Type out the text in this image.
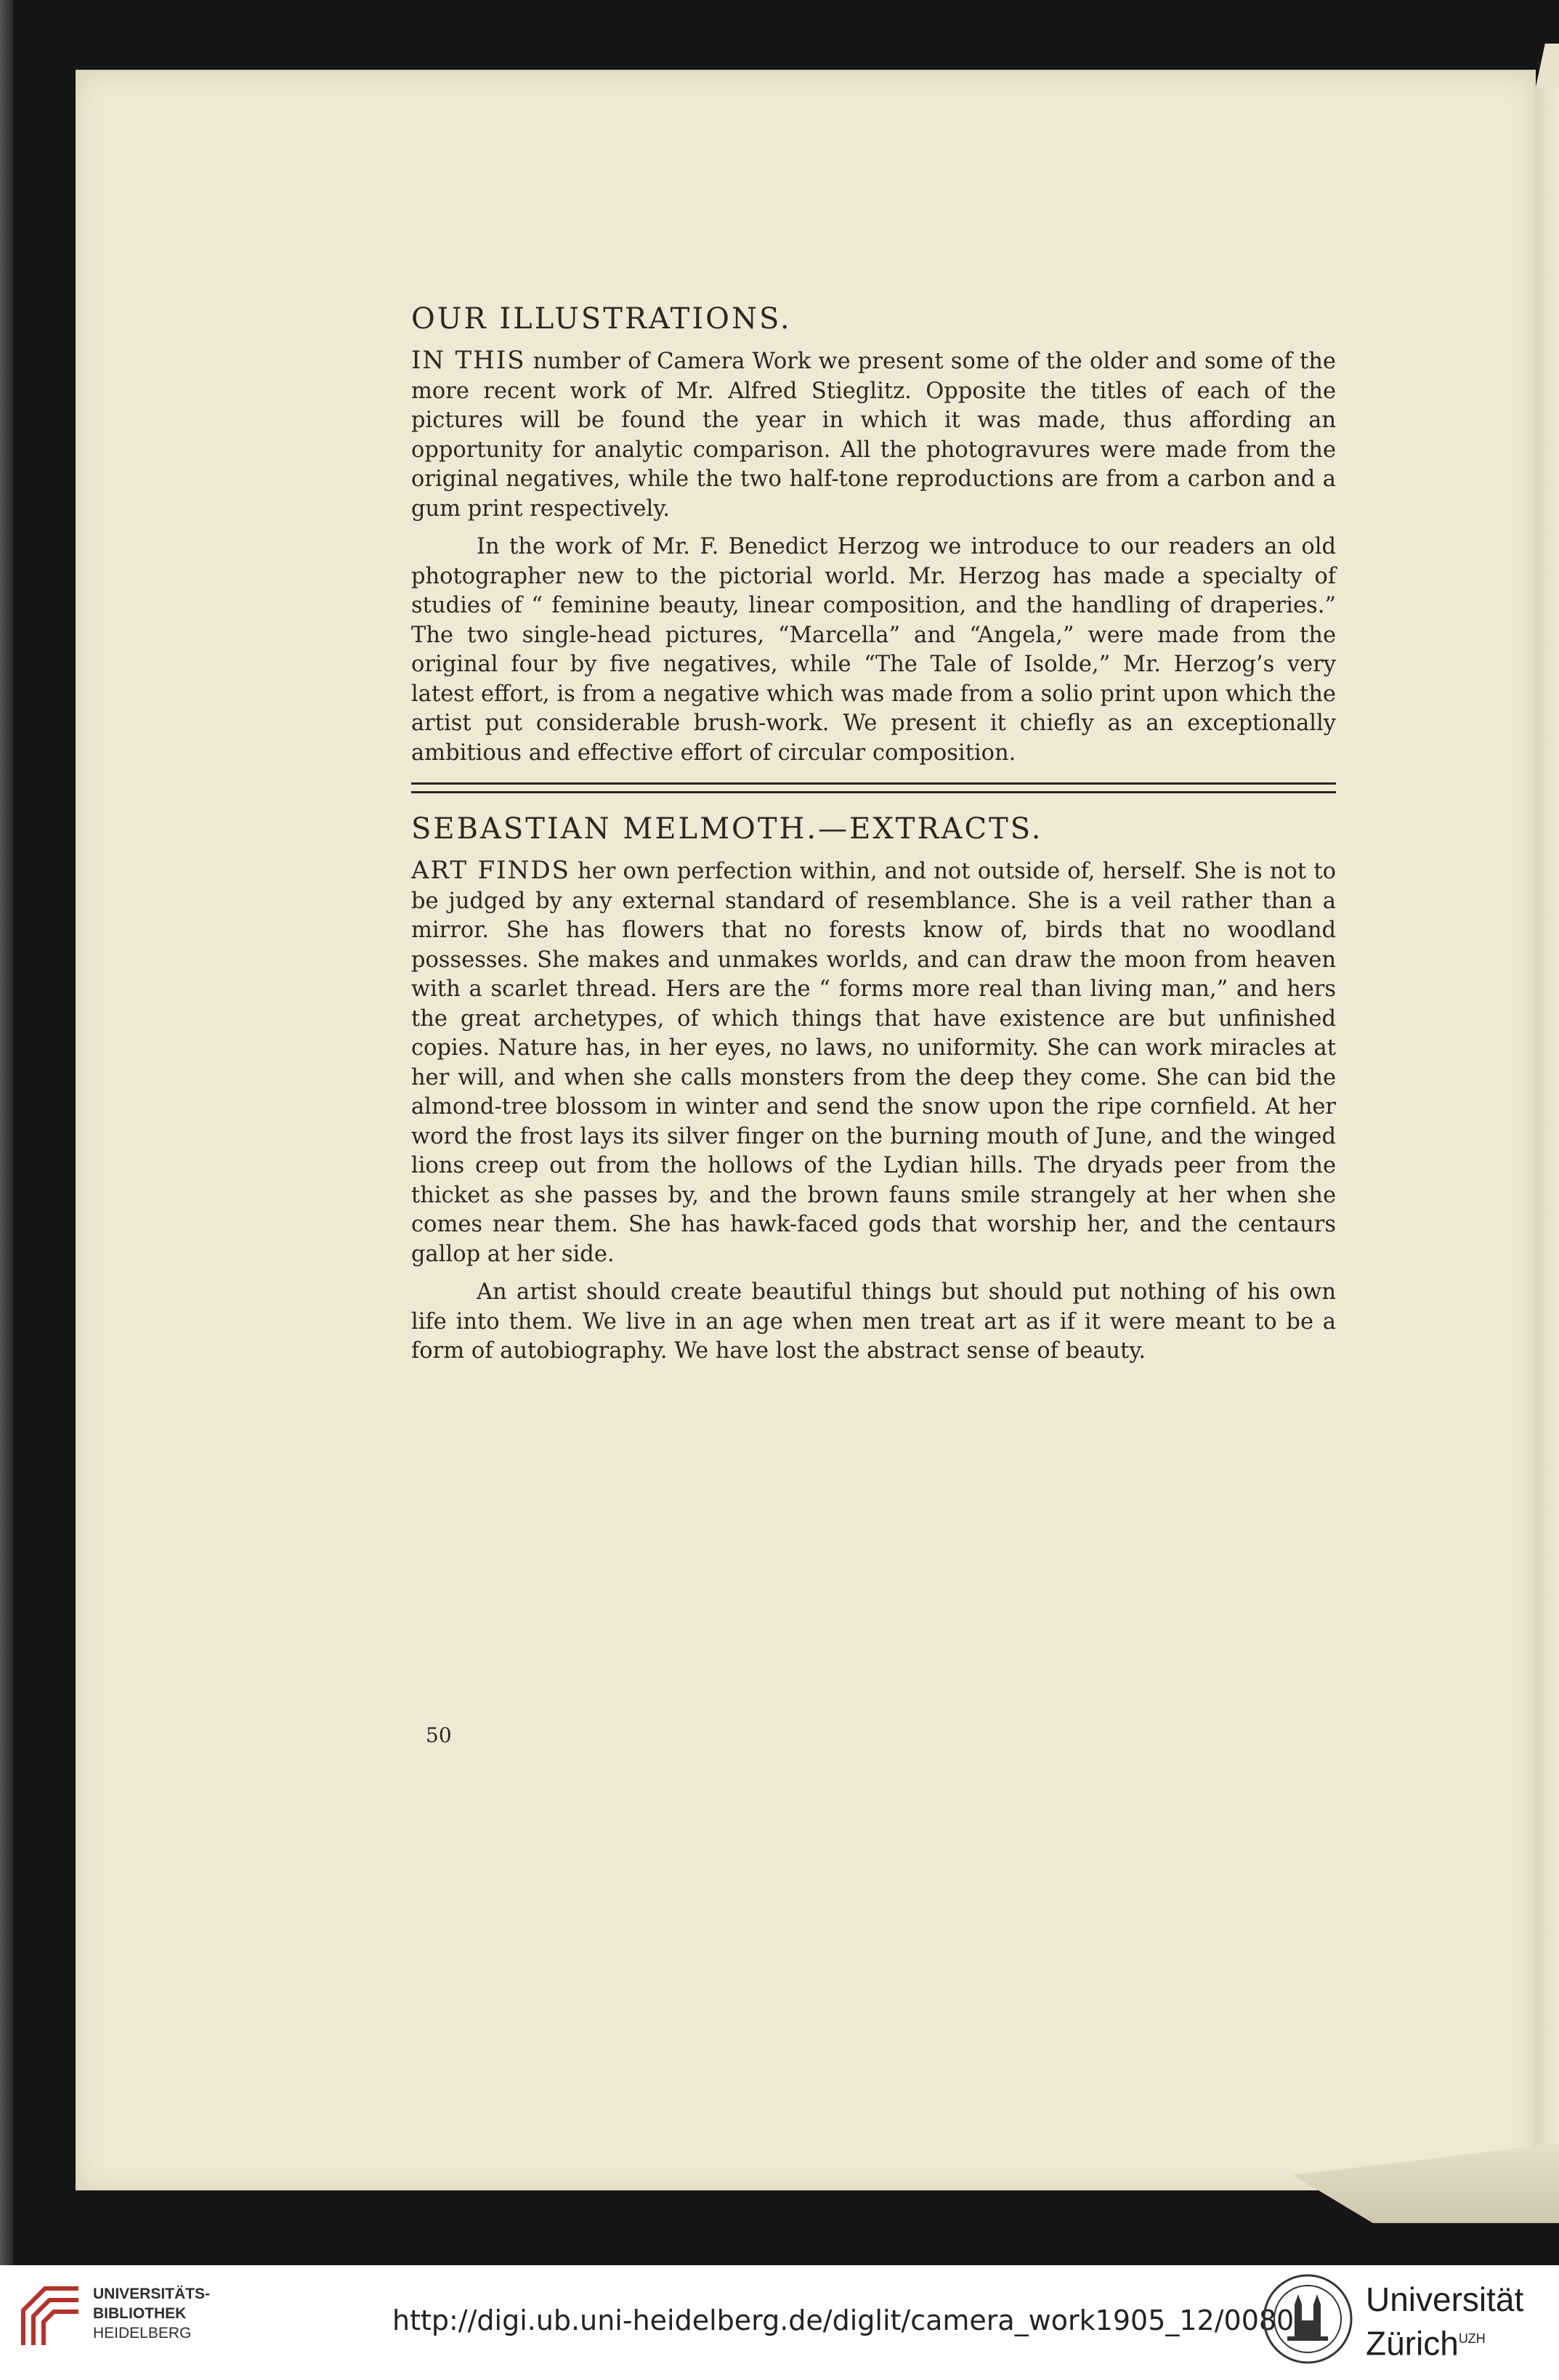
OUR ILLUSTRATIONS.

IN THIS number of Camera Work we present some of the older and some of the more recent work of Mr. Alfred Stieglitz. Opposite the titles of each of the pictures will be found the year in which it was made, thus affording an opportunity for analytic comparison. All the photogravures were made from the original negatives, while the two half-tone reproductions are from a carbon and a gum print respectively.

In the work of Mr. F. Benedict Herzog we introduce to our readers an old photographer new to the pictorial world. Mr. Herzog has made a specialty of studies of “ feminine beauty, linear composition, and the handling of draperies.” The two single-head pictures, “Marcella” and “Angela,” were made from the original four by five negatives, while “The Tale of Isolde,” Mr. Herzog’s very latest effort, is from a negative which was made from a solio print upon which the artist put considerable brush-work. We present it chiefly as an exceptionally ambitious and effective effort of circular composition.

SEBASTIAN MELMOTH.—EXTRACTS.

ART FINDS her own perfection within, and not outside of, herself. She is not to be judged by any external standard of resemblance. She is a veil rather than a mirror. She has flowers that no forests know of, birds that no woodland possesses. She makes and unmakes worlds, and can draw the moon from heaven with a scarlet thread. Hers are the “ forms more real than living man,” and hers the great archetypes, of which things that have existence are but unfinished copies. Nature has, in her eyes, no laws, no uniformity. She can work miracles at her will, and when she calls monsters from the deep they come. She can bid the almond-tree blossom in winter and send the snow upon the ripe cornfield. At her word the frost lays its silver finger on the burning mouth of June, and the winged lions creep out from the hollows of the Lydian hills. The dryads peer from the thicket as she passes by, and the brown fauns smile strangely at her when she comes near them. She has hawk-faced gods that worship her, and the centaurs gallop at her side.

An artist should create beautiful things but should put nothing of his own life into them. We live in an age when men treat art as if it were meant to be a form of autobiography. We have lost the abstract sense of beauty.

50
UNIVERSITÄTS-
BIBLIOTHEK
HEIDELBERG	http://digi.ub.uni-heidelberg.de/diglit/camera_work1905_12/0080
Universität
Zürich$^{UZH}$
